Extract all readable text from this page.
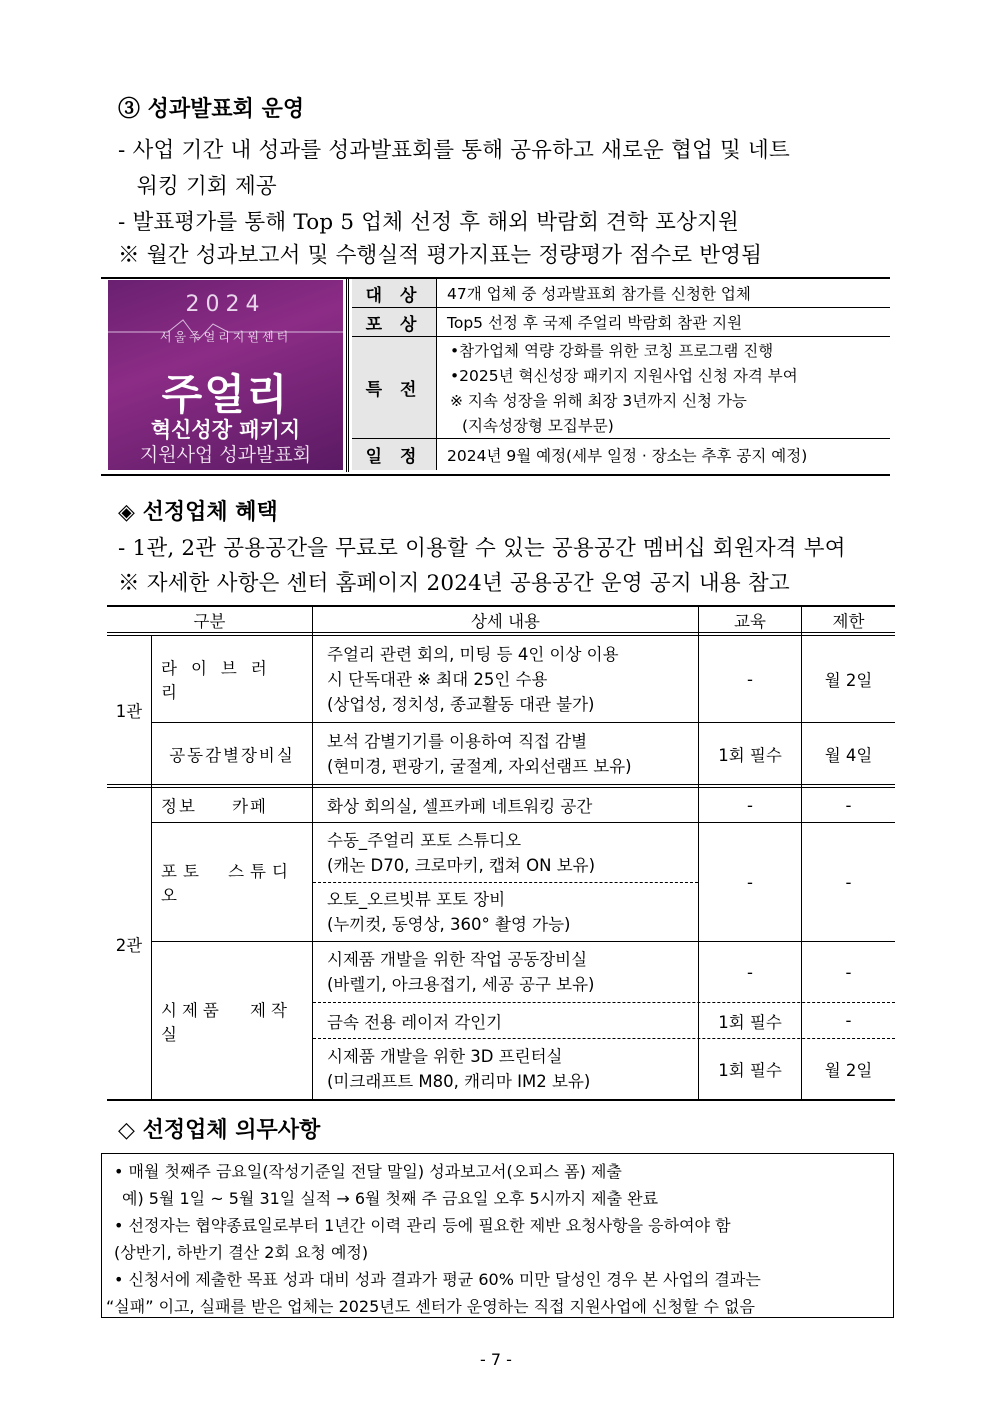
③ 성과발표회 운영
- 사업 기간 내 성과를 성과발표회를 통해 공유하고 새로운 협업 및 네트
워킹 기회 제공
- 발표평가를 통해 Top 5 업체 선정 후 해외 박람회 견학 포상지원
※ 월간 성과보고서 및 수행실적 평가지표는 정량평가 점수로 반영됨
2024
서울주얼리지원센터
주얼리
혁신성장 패키지
지원사업 성과발표회
대 상	47개 업체 중 성과발표회 참가를 신청한 업체
포 상	Top5 선정 후 국제 주얼리 박람회 참관 지원
특 전
•참가업체 역량 강화를 위한 코칭 프로그램 진행
•2025년 혁신성장 패키지 지원사업 신청 자격 부여
※ 지속 성장을 위해 최장 3년까지 신청 가능
(지속성장형 모집부문)
일 정	2024년 9월 예정(세부 일정 · 장소는 추후 공지 예정)
◈ 선정업체 혜택
- 1관, 2관 공용공간을 무료로 이용할 수 있는 공용공간 멤버십 회원자격 부여
※ 자세한 사항은 센터 홈페이지 2024년 공용공간 운영 공지 내용 참고
구분	상세 내용	교육	제한
1관
라이브러리
주얼리 관련 회의, 미팅 등 4인 이상 이용
시 단독대관 ※ 최대 25인 수용
(상업성, 정치성, 종교활동 대관 불가)
-	월 2일
공동감별장비실
보석 감별기기를 이용하여 직접 감별
(현미경, 편광기, 굴절계, 자외선램프 보유)
1회 필수	월 4일
2관
정보 카페	화상 회의실, 셀프카페 네트워킹 공간	-	-
포토 스튜디오
수동_주얼리 포토 스튜디오
(캐논 D70, 크로마키, 캡쳐 ON 보유)
오토_오르빗뷰 포토 장비
(누끼컷, 동영상, 360° 촬영 가능)
-	-
시제품 제작실
시제품 개발을 위한 작업 공동장비실
(바렐기, 아크용접기, 세공 공구 보유)
-	-
금속 전용 레이저 각인기	1회 필수	-
시제품 개발을 위한 3D 프린터실
(미크래프트 M80, 캐리마 IM2 보유)
1회 필수	월 2일
◇ 선정업체 의무사항
• 매월 첫째주 금요일(작성기준일 전달 말일) 성과보고서(오피스 폼) 제출
예) 5월 1일 ~ 5월 31일 실적 → 6월 첫째 주 금요일 오후 5시까지 제출 완료
• 선정자는 협약종료일로부터 1년간 이력 관리 등에 필요한 제반 요청사항을 응하여야 함
(상반기, 하반기 결산 2회 요청 예정)
• 신청서에 제출한 목표 성과 대비 성과 결과가 평균 60% 미만 달성인 경우 본 사업의 결과는
“실패” 이고, 실패를 받은 업체는 2025년도 센터가 운영하는 직접 지원사업에 신청할 수 없음
- 7 -
